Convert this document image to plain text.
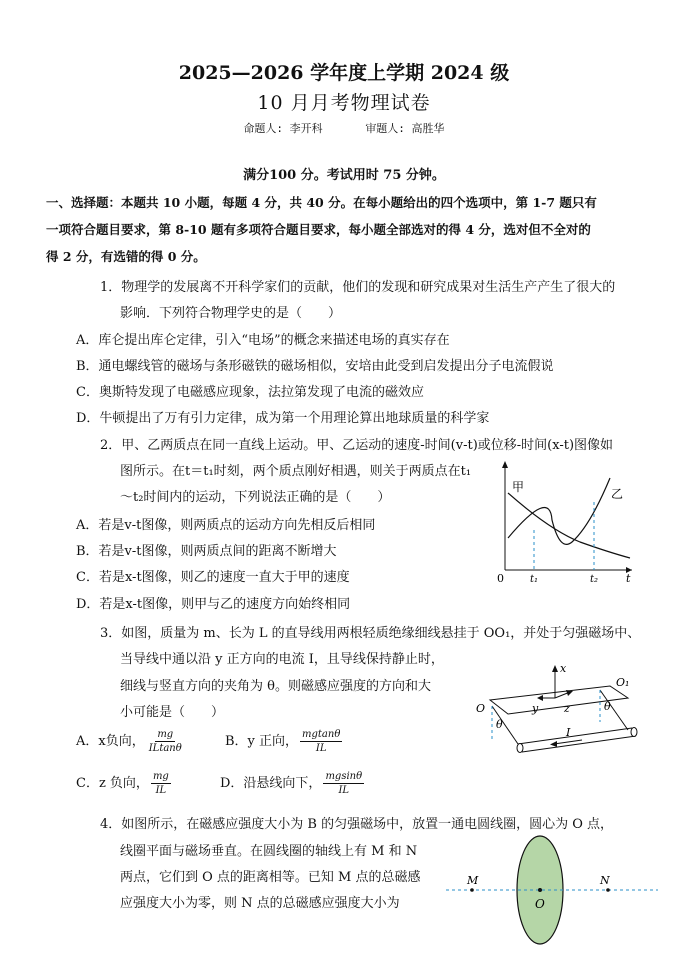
2025—2026 学年度上学期 2024 级
10 月月考物理试卷
命题人: 李开科	审题人: 高胜华
满分100 分。考试用时 75 分钟。
一、选择题：本题共 10 小题，每题 4 分，共 40 分。在每小题给出的四个选项中，第 1-7 题只有
一项符合题目要求，第 8-10 题有多项符合题目要求，每小题全部选对的得 4 分，选对但不全对的
得 2 分，有选错的得 0 分。
1．物理学的发展离不开科学家们的贡献，他们的发现和研究成果对生活生产产生了很大的
影响．下列符合物理学史的是（　　）
A．库仑提出库仑定律，引入“电场”的概念来描述电场的真实存在
B．通电螺线管的磁场与条形磁铁的磁场相似，安培由此受到启发提出分子电流假说
C．奥斯特发现了电磁感应现象，法拉第发现了电流的磁效应
D．牛顿提出了万有引力定律，成为第一个用理论算出地球质量的科学家
2．甲、乙两质点在同一直线上运动。甲、乙运动的速度-时间(v-t)或位移-时间(x-t)图像如
图所示。在t＝t₁时刻，两个质点刚好相遇，则关于两质点在t₁
～t₂时间内的运动，下列说法正确的是（　　）
A．若是v-t图像，则两质点的运动方向先相反后相同
B．若是v-t图像，则两质点间的距离不断增大
C．若是x-t图像，则乙的速度一直大于甲的速度
D．若是x-t图像，则甲与乙的速度方向始终相同
甲	乙
0	t₁	t₂	t
3．如图，质量为 m、长为 L 的直导线用两根轻质绝缘细线悬挂于 OO₁，并处于匀强磁场中、
当导线中通以沿 y 正方向的电流 I，且导线保持静止时，
细线与竖直方向的夹角为 θ。则磁感应强度的方向和大
小可能是（　　）
A．x负向， $\frac{mg}{ILtan\theta}$	B．y 正向， $\frac{mgtan\theta}{IL}$
C．z 负向， $\frac{mg}{IL}$	D．沿悬线向下， $\frac{mgsin\theta}{IL}$
x
y z
O
O₁
θ
θ
I
4．如图所示，在磁感应强度大小为 B 的匀强磁场中，放置一通电圆线圈，圆心为 O 点，
线圈平面与磁场垂直。在圆线圈的轴线上有 M 和 N
两点，它们到 O 点的距离相等。已知 M 点的总磁感
应强度大小为零，则 N 点的总磁感应强度大小为
M	N
O
